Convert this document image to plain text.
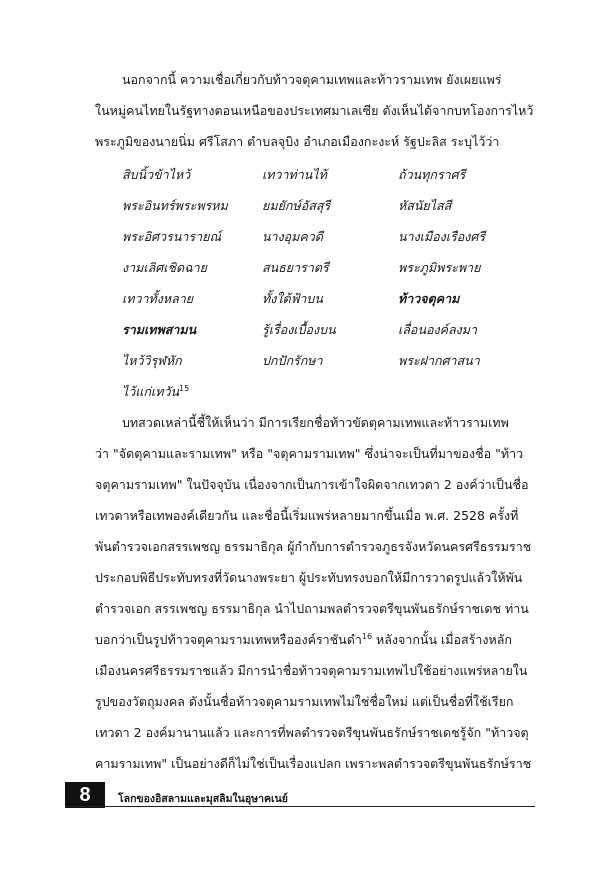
นอกจากนี้ ความเชื่อเกี่ยวกับท้าวจตุคามเทพและท้าวรามเทพ ยังเผยแพร่
ในหมู่คนไทยในรัฐทางตอนเหนือของประเทศมาเลเซีย ดังเห็นได้จากบทโองการไหว้
พระภูมิของนายนิ่ม ศรีโสภา ตำบลจุบิง อำเภอเมืองกะงะห์ รัฐปะลิส ระบุไว้ว่า
สิบนิ้วข้าไหว้	เทวาท่านไท้	ถ้วนทุกราศรี
พระอินทร์พระพรหม	ยมยักษ์อัสสุรี	หัสนัยไสสี
พระอิศวรนารายณ์	นางอุมควดี	นางเมืองเรืองศรี
งามเลิศเชิดฉาย	สนธยาราตรี	พระภูมิพระพาย
เทวาทั้งหลาย	ทั้งใต้ฟ้าบน	ท้าวจตุคาม
รามเทพสามน	รู้เรื่องเบื้องบน	เลื่อนองค์ลงมา
ไหว้วิรุฬหัก	ปกปักรักษา	พระฝากศาสนา
ไว้แก่เทวัน$^{15}$
บทสวดเหล่านี้ชี้ให้เห็นว่า มีการเรียกชื่อท้าวขัดตุคามเทพและท้าวรามเทพ
ว่า "จัดตุคามและรามเทพ" หรือ "จตุคามรามเทพ" ซึ่งน่าจะเป็นที่มาของชื่อ "ท้าว
จตุคามรามเทพ" ในปัจจุบัน เนื่องจากเป็นการเข้าใจผิดจากเทวดา 2 องค์ว่าเป็นชื่อ
เทวดาหรือเทพองค์เดียวกัน และชื่อนี้เริ่มแพร่หลายมากขึ้นเมื่อ พ.ศ. 2528 ครั้งที่
พันตำรวจเอกสรรเพชญ ธรรมาธิกุล ผู้กำกับการตำรวจภูธรจังหวัดนครศรีธรรมราช
ประกอบพิธีประทับทรงที่วัดนางพระยา ผู้ประทับทรงบอกให้มีการวาดรูปแล้วให้พัน
ตำรวจเอก สรรเพชญ ธรรมาธิกุล นำไปถามพลตำรวจตรีขุนพันธรักษ์ราชเดช ท่าน
บอกว่าเป็นรูปท้าวจตุคามรามเทพหรือองค์ราชันดำ$^{16}$ หลังจากนั้น เมื่อสร้างหลัก
เมืองนครศรีธรรมราชแล้ว มีการนำชื่อท้าวจตุคามรามเทพไปใช้อย่างแพร่หลายใน
รูปของวัตถุมงคล ดังนั้นชื่อท้าวจตุคามรามเทพไม่ใช่ชื่อใหม่ แต่เป็นชื่อที่ใช้เรียก
เทวดา 2 องค์มานานแล้ว และการที่พลตำรวจตรีขุนพันธรักษ์ราชเดชรู้จัก "ท้าวจตุ
คามรามเทพ" เป็นอย่างดีก็ไม่ใช่เป็นเรื่องแปลก เพราะพลตำรวจตรีขุนพันธรักษ์ราช
8	โลกของอิสลามและมุสลิมในอุษาคเนย์
